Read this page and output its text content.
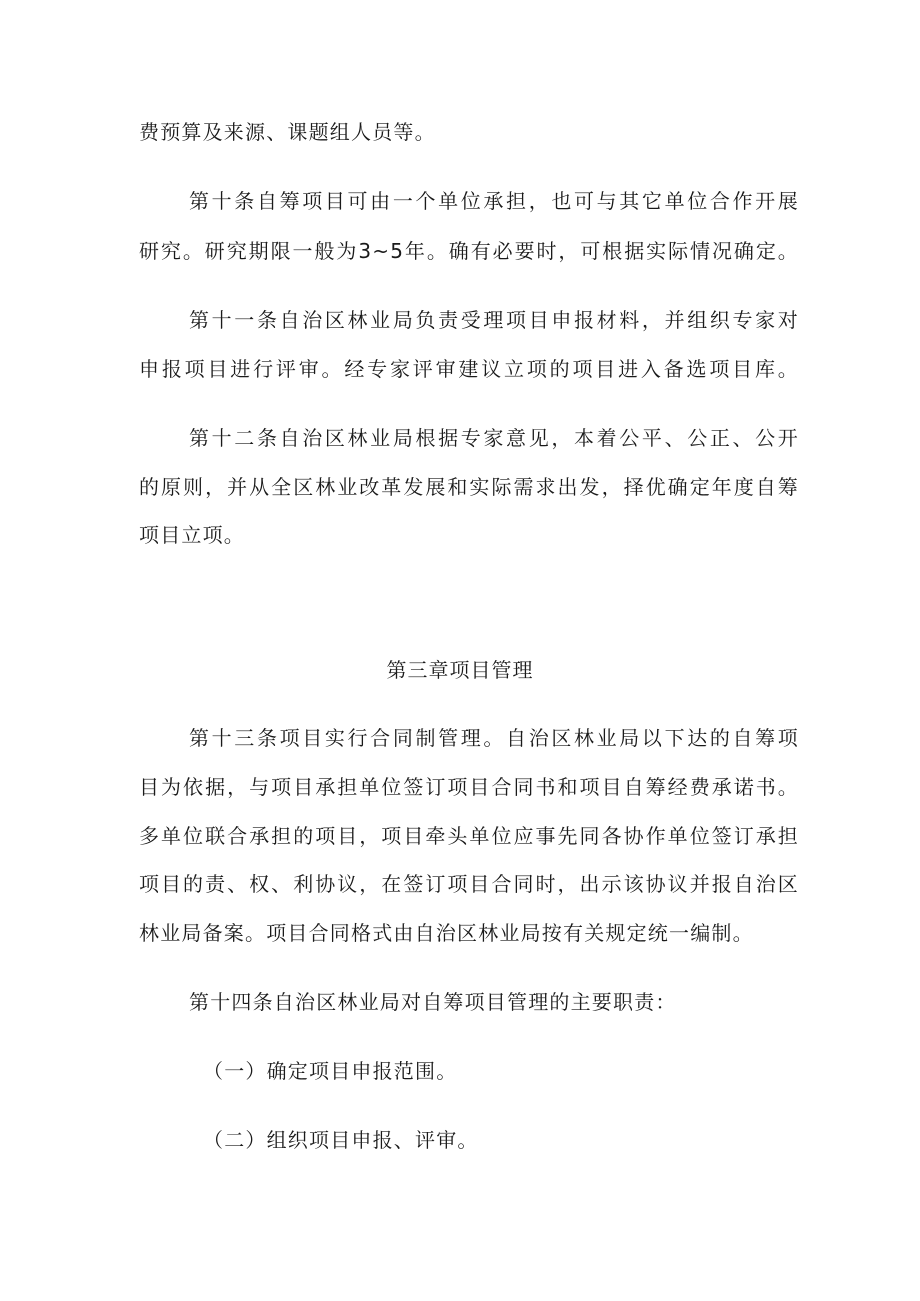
费预算及来源、课题组人员等。
第十条自筹项目可由一个单位承担，也可与其它单位合作开展
研究。研究期限一般为3~5年。确有必要时，可根据实际情况确定。
第十一条自治区林业局负责受理项目申报材料，并组织专家对
申报项目进行评审。经专家评审建议立项的项目进入备选项目库。
第十二条自治区林业局根据专家意见，本着公平、公正、公开
的原则，并从全区林业改革发展和实际需求出发，择优确定年度自筹
项目立项。
第三章项目管理
第十三条项目实行合同制管理。自治区林业局以下达的自筹项
目为依据，与项目承担单位签订项目合同书和项目自筹经费承诺书。
多单位联合承担的项目，项目牵头单位应事先同各协作单位签订承担
项目的责、权、利协议，在签订项目合同时，出示该协议并报自治区
林业局备案。项目合同格式由自治区林业局按有关规定统一编制。
第十四条自治区林业局对自筹项目管理的主要职责：
（一）确定项目申报范围。
（二）组织项目申报、评审。
